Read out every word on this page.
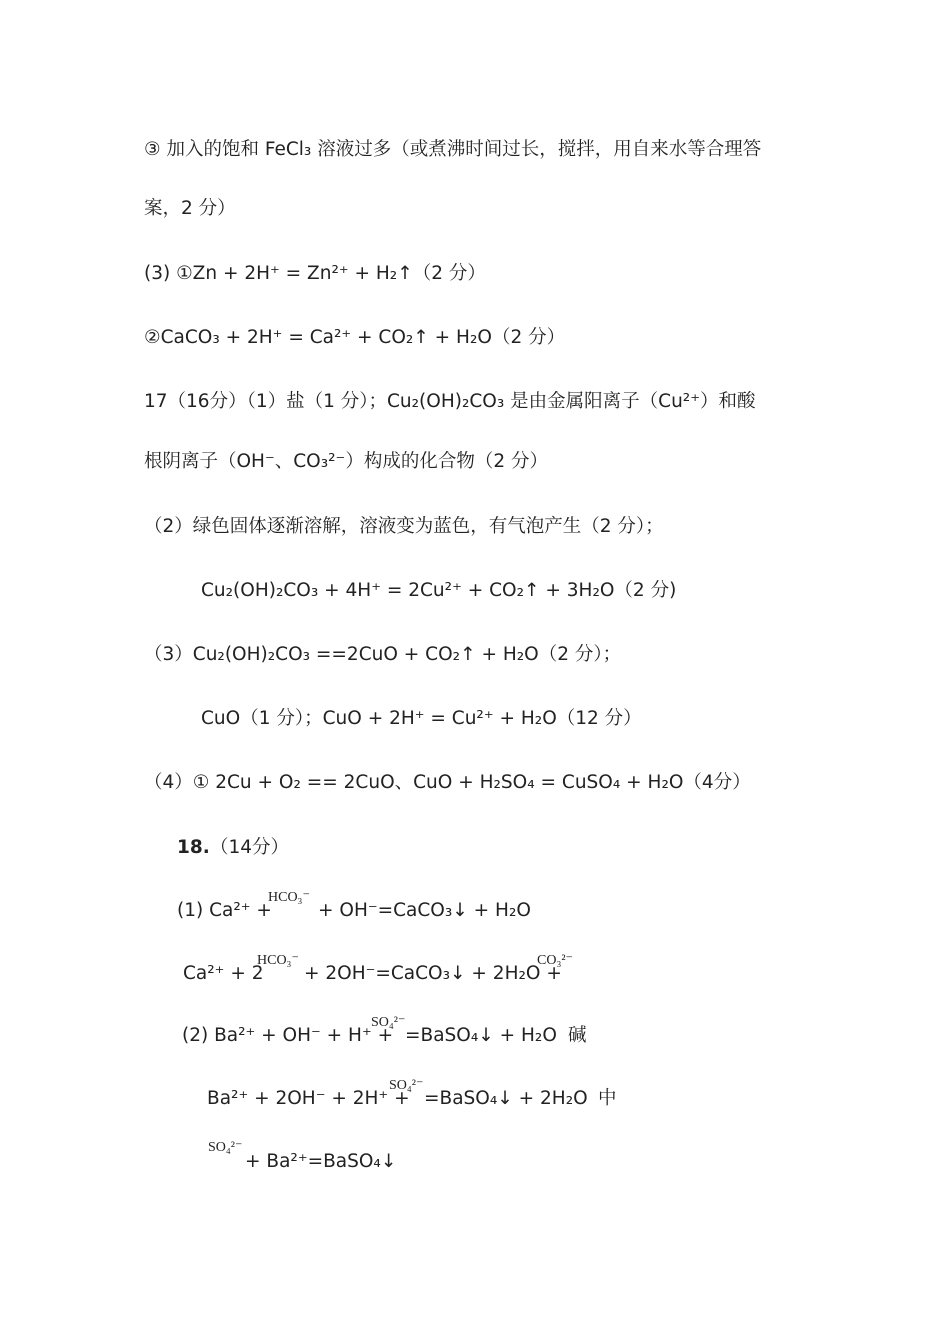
③ 加入的饱和 FeCl₃ 溶液过多（或煮沸时间过长，搅拌，用自来水等合理答
案，2 分）
(3) ①Zn + 2H⁺ = Zn²⁺ + H₂↑（2 分）
②CaCO₃ + 2H⁺ = Ca²⁺ + CO₂↑ + H₂O（2 分）
17（16分）（1）盐（1 分）；Cu₂(OH)₂CO₃ 是由金属阳离子（Cu²⁺）和酸
根阴离子（OH⁻、CO₃²⁻）构成的化合物（2 分）
（2）绿色固体逐渐溶解，溶液变为蓝色，有气泡产生（2 分）；
Cu₂(OH)₂CO₃ + 4H⁺ = 2Cu²⁺ + CO₂↑ + 3H₂O（2 分)
（3）Cu₂(OH)₂CO₃ ==2CuO + CO₂↑ + H₂O（2 分）；
CuO（1 分）；CuO + 2H⁺ = Cu²⁺ + H₂O（12 分）
（4）① 2Cu + O₂ == 2CuO、CuO + H₂SO₄ = CuSO₄ + H₂O（4分）
18. （14分）
(1) Ca²⁺ +
HCO₃⁻
+ OH⁻=CaCO₃↓ + H₂O
Ca²⁺ + 2
HCO₃⁻
+ 2OH⁻=CaCO₃↓ + 2H₂O +
CO₃²⁻
(2) Ba²⁺ + OH⁻ + H⁺ +
SO₄²⁻
=BaSO₄↓ + H₂O 碱
Ba²⁺ + 2OH⁻ + 2H⁺ +
SO₄²⁻
=BaSO₄↓ + 2H₂O 中
SO₄²⁻
+ Ba²⁺=BaSO₄↓
